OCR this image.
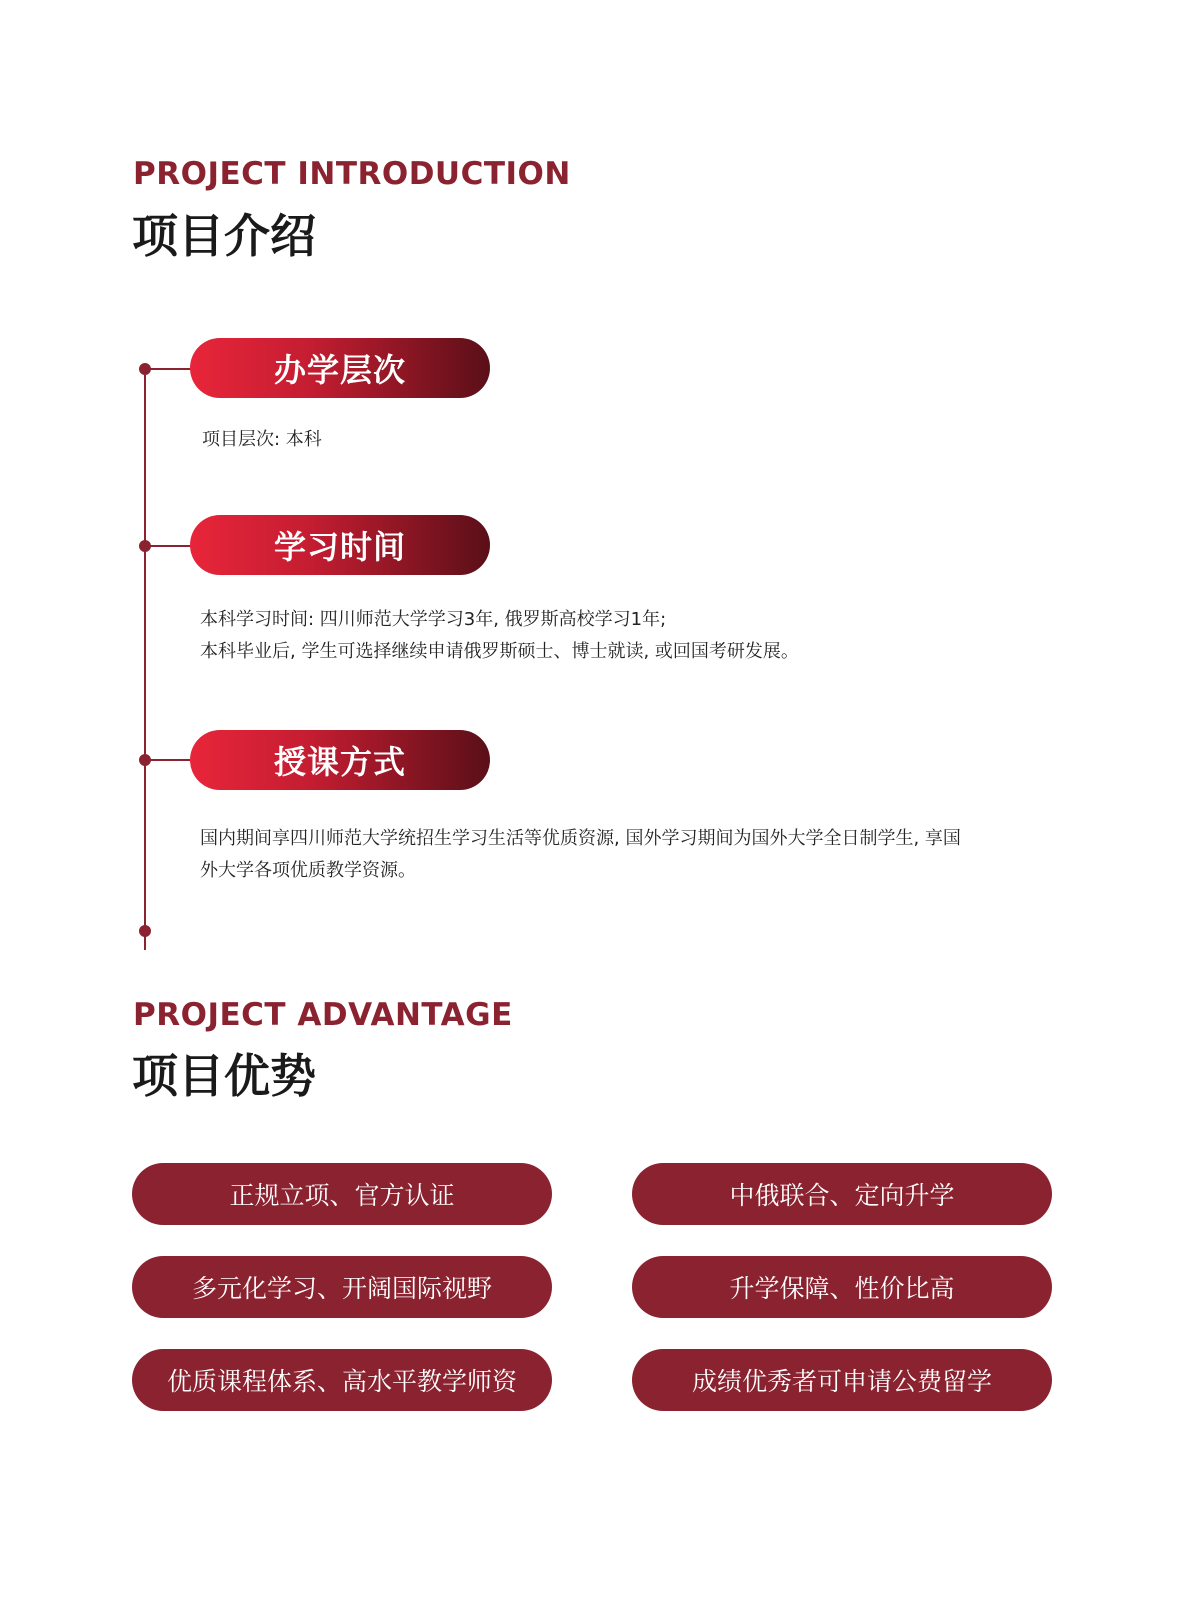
PROJECT INTRODUCTION
项目介绍
办学层次

项目层次: 本科

学习时间

本科学习时间: 四川师范大学学习3年, 俄罗斯高校学习1年;
本科毕业后, 学生可选择继续申请俄罗斯硕士、博士就读, 或回国考研发展。

授课方式

国内期间享四川师范大学统招生学习生活等优质资源, 国外学习期间为国外大学全日制学生, 享国
外大学各项优质教学资源。

PROJECT ADVANTAGE
项目优势
正规立项、官方认证	中俄联合、定向升学
多元化学习、开阔国际视野	升学保障、性价比高
优质课程体系、高水平教学师资	成绩优秀者可申请公费留学
